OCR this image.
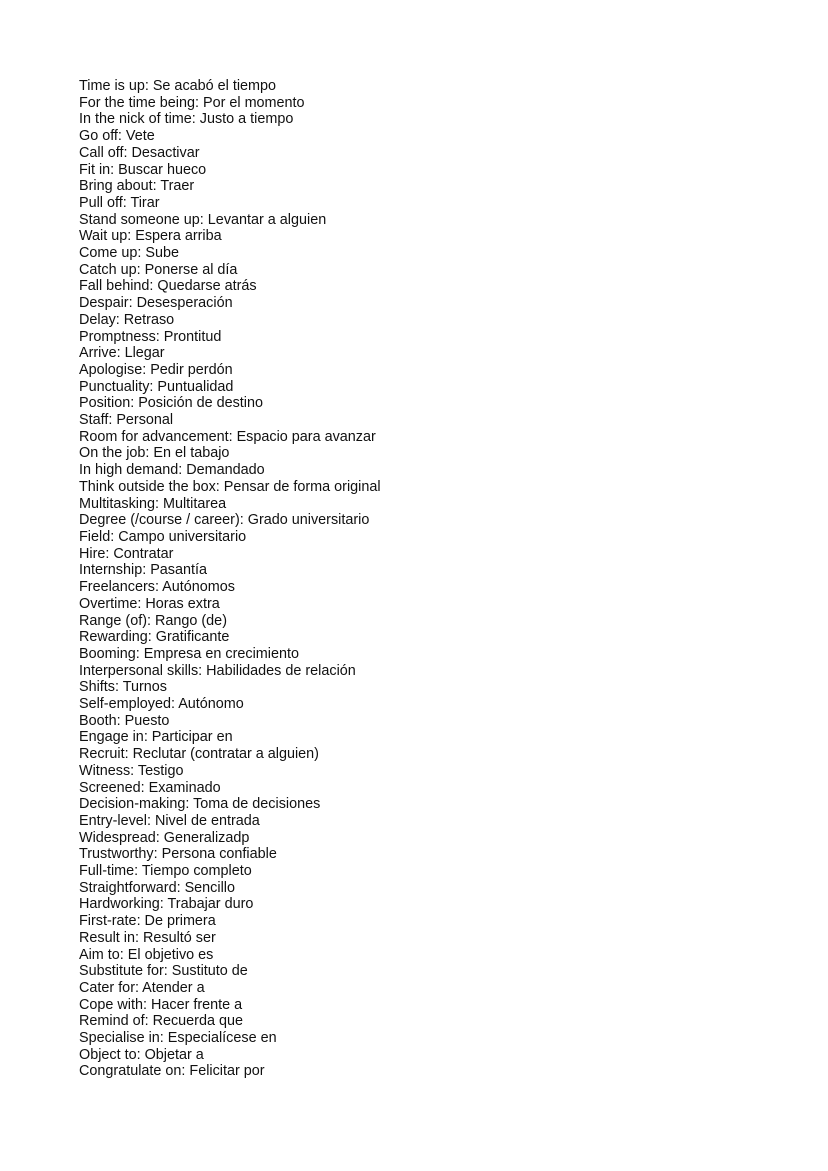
Time is up: Se acabó el tiempo
For the time being: Por el momento
In the nick of time: Justo a tiempo
Go off: Vete
Call off: Desactivar
Fit in: Buscar hueco
Bring about: Traer
Pull off: Tirar
Stand someone up: Levantar a alguien
Wait up: Espera arriba
Come up: Sube
Catch up: Ponerse al día
Fall behind: Quedarse atrás
Despair: Desesperación
Delay: Retraso
Promptness: Prontitud
Arrive: Llegar
Apologise: Pedir perdón
Punctuality: Puntualidad
Position: Posición de destino
Staff: Personal
Room for advancement: Espacio para avanzar
On the job: En el tabajo
In high demand: Demandado
Think outside the box: Pensar de forma original
Multitasking: Multitarea
Degree (/course / career): Grado universitario
Field: Campo universitario
Hire: Contratar
Internship: Pasantía
Freelancers: Autónomos
Overtime: Horas extra
Range (of): Rango (de)
Rewarding: Gratificante
Booming: Empresa en crecimiento
Interpersonal skills: Habilidades de relación
Shifts: Turnos
Self-employed: Autónomo
Booth: Puesto
Engage in: Participar en
Recruit: Reclutar (contratar a alguien)
Witness: Testigo
Screened: Examinado
Decision-making: Toma de decisiones
Entry-level: Nivel de entrada
Widespread: Generalizadp
Trustworthy: Persona confiable
Full-time: Tiempo completo
Straightforward: Sencillo
Hardworking: Trabajar duro
First-rate: De primera
Result in: Resultó ser
Aim to: El objetivo es
Substitute for: Sustituto de
Cater for: Atender a
Cope with: Hacer frente a
Remind of: Recuerda que
Specialise in: Especialícese en
Object to: Objetar a
Congratulate on: Felicitar por
